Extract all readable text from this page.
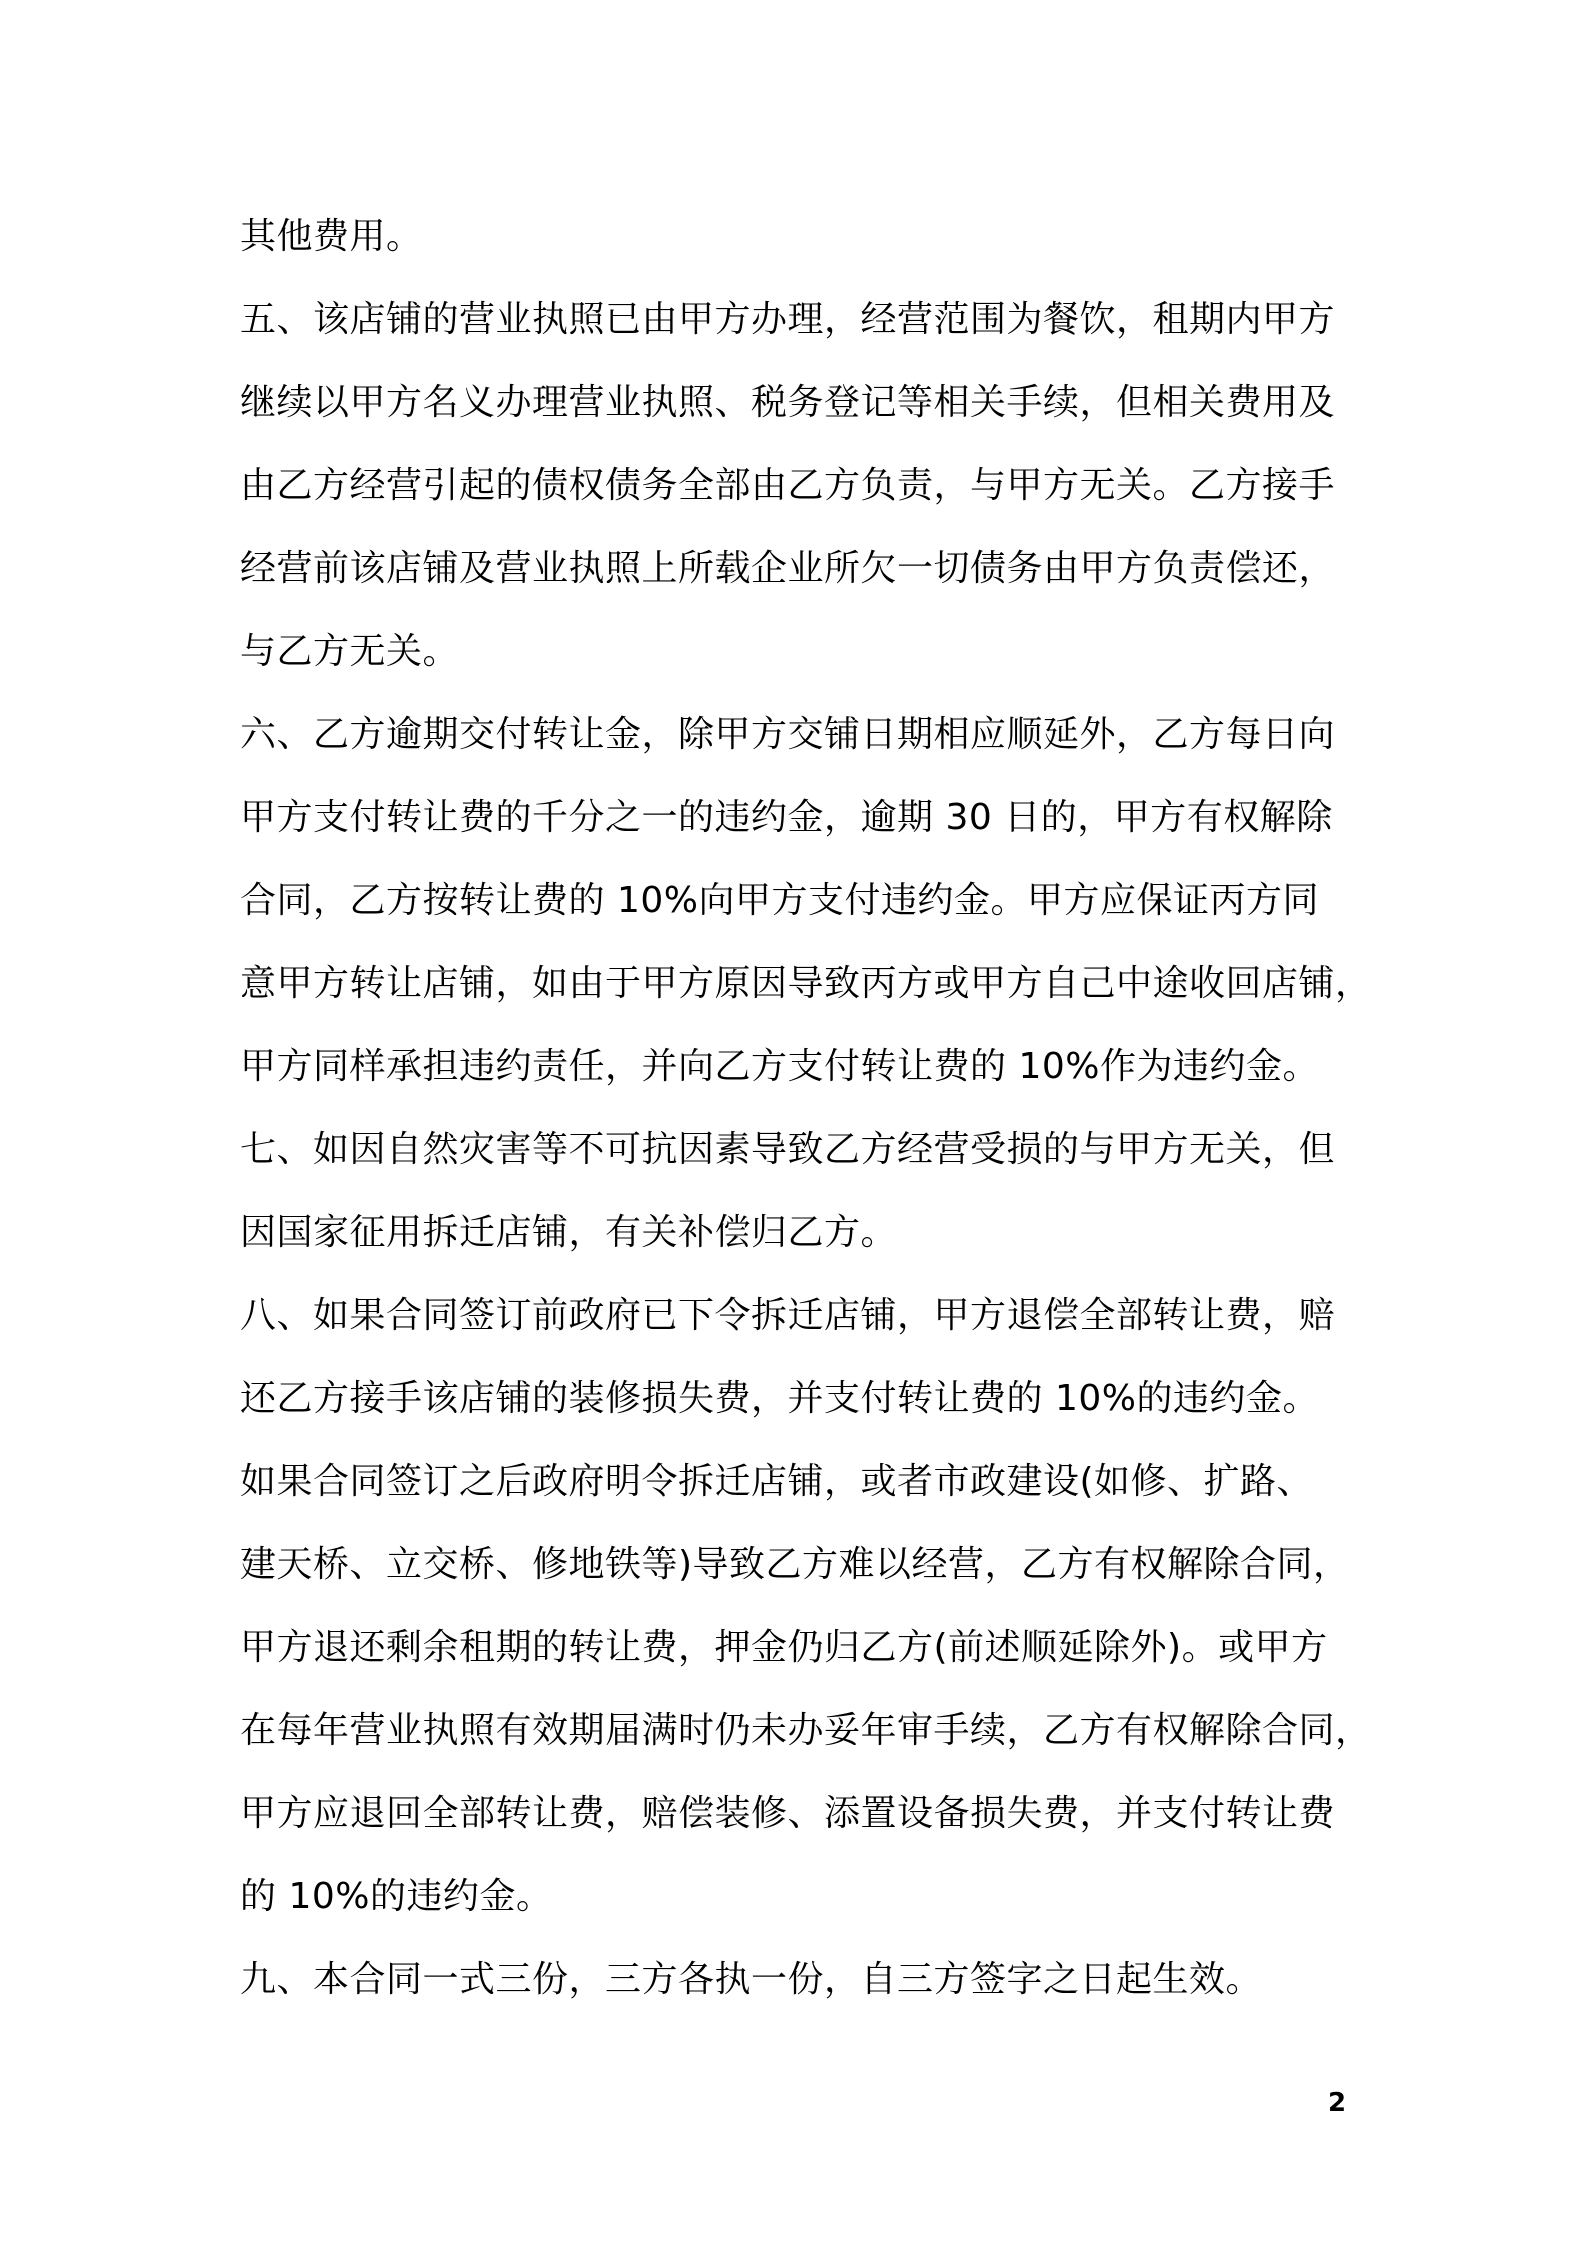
其他费用。
五、该店铺的营业执照已由甲方办理，经营范围为餐饮，租期内甲方
继续以甲方名义办理营业执照、税务登记等相关手续，但相关费用及
由乙方经营引起的债权债务全部由乙方负责，与甲方无关。乙方接手
经营前该店铺及营业执照上所载企业所欠一切债务由甲方负责偿还，
与乙方无关。
六、乙方逾期交付转让金，除甲方交铺日期相应顺延外，乙方每日向
甲方支付转让费的千分之一的违约金，逾期 30 日的，甲方有权解除
合同，乙方按转让费的 10%向甲方支付违约金。甲方应保证丙方同
意甲方转让店铺，如由于甲方原因导致丙方或甲方自己中途收回店铺，
甲方同样承担违约责任，并向乙方支付转让费的 10%作为违约金。
七、如因自然灾害等不可抗因素导致乙方经营受损的与甲方无关，但
因国家征用拆迁店铺，有关补偿归乙方。
八、如果合同签订前政府已下令拆迁店铺，甲方退偿全部转让费，赔
还乙方接手该店铺的装修损失费，并支付转让费的 10%的违约金。
如果合同签订之后政府明令拆迁店铺，或者市政建设(如修、扩路、
建天桥、立交桥、修地铁等)导致乙方难以经营，乙方有权解除合同，
甲方退还剩余租期的转让费，押金仍归乙方(前述顺延除外)。或甲方
在每年营业执照有效期届满时仍未办妥年审手续，乙方有权解除合同，
甲方应退回全部转让费，赔偿装修、添置设备损失费，并支付转让费
的 10%的违约金。
九、本合同一式三份，三方各执一份，自三方签字之日起生效。
2
